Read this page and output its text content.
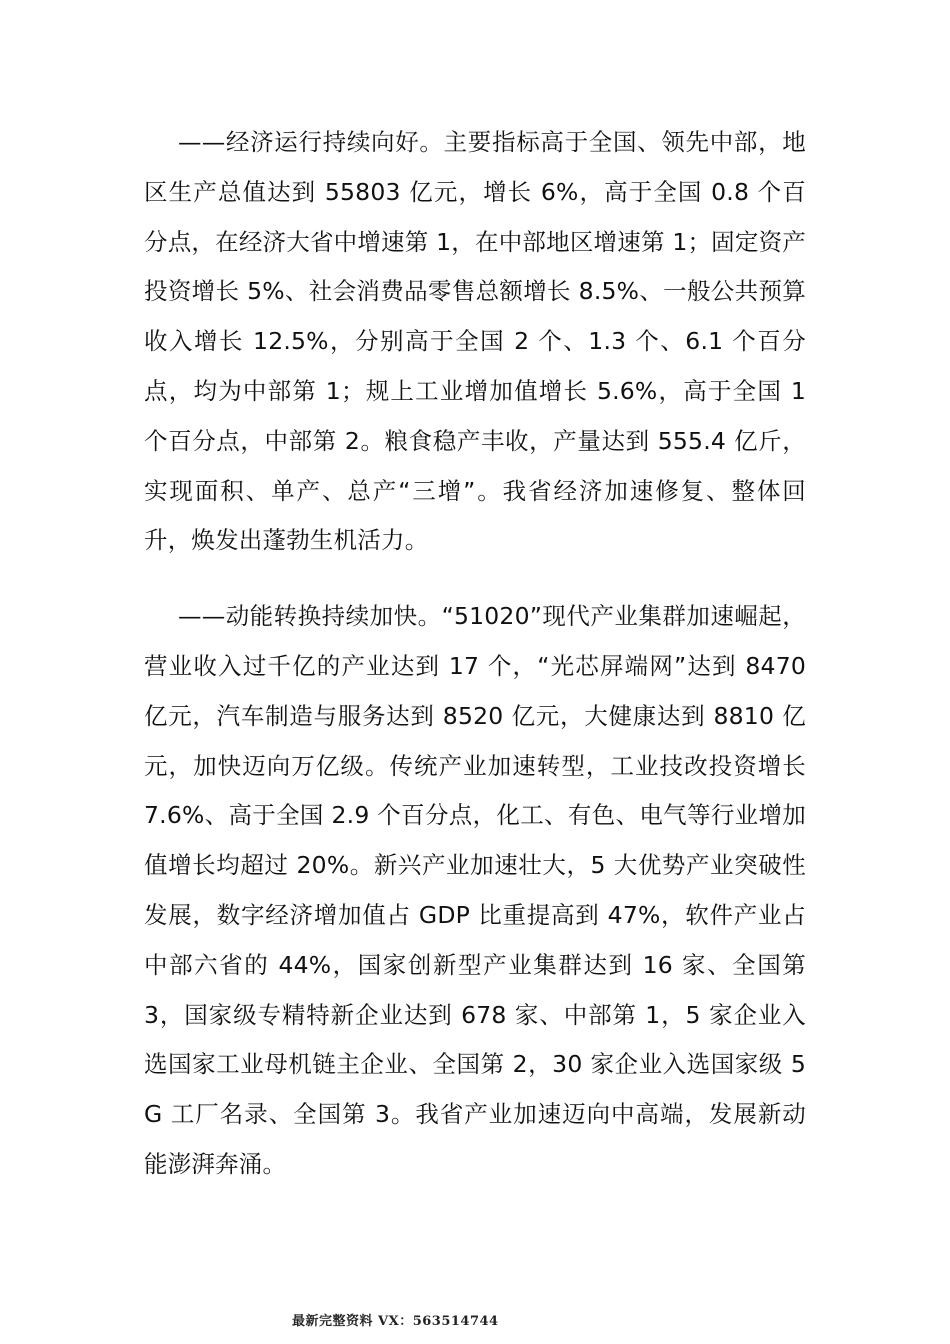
——经济运行持续向好。主要指标高于全国、领先中部，地区生产总值达到 55803 亿元，增长 6%，高于全国 0.8 个百分点，在经济大省中增速第 1，在中部地区增速第 1；固定资产投资增长 5%、社会消费品零售总额增长 8.5%、一般公共预算收入增长 12.5%，分别高于全国 2 个、1.3 个、6.1 个百分点，均为中部第 1；规上工业增加值增长 5.6%，高于全国 1 个百分点，中部第 2。粮食稳产丰收，产量达到 555.4 亿斤，实现面积、单产、总产“三增”。我省经济加速修复、整体回升，焕发出蓬勃生机活力。

——动能转换持续加快。“51020”现代产业集群加速崛起，营业收入过千亿的产业达到 17 个，“光芯屏端网”达到 8470 亿元，汽车制造与服务达到 8520 亿元，大健康达到 8810 亿元，加快迈向万亿级。传统产业加速转型，工业技改投资增长 7.6%、高于全国 2.9 个百分点，化工、有色、电气等行业增加值增长均超过 20%。新兴产业加速壮大，5 大优势产业突破性发展，数字经济增加值占 GDP 比重提高到 47%，软件产业占中部六省的 44%，国家创新型产业集群达到 16 家、全国第 3，国家级专精特新企业达到 678 家、中部第 1，5 家企业入选国家工业母机链主企业、全国第 2，30 家企业入选国家级 5G 工厂名录、全国第 3。我省产业加速迈向中高端，发展新动能澎湃奔涌。

最新完整资料 VX：563514744
